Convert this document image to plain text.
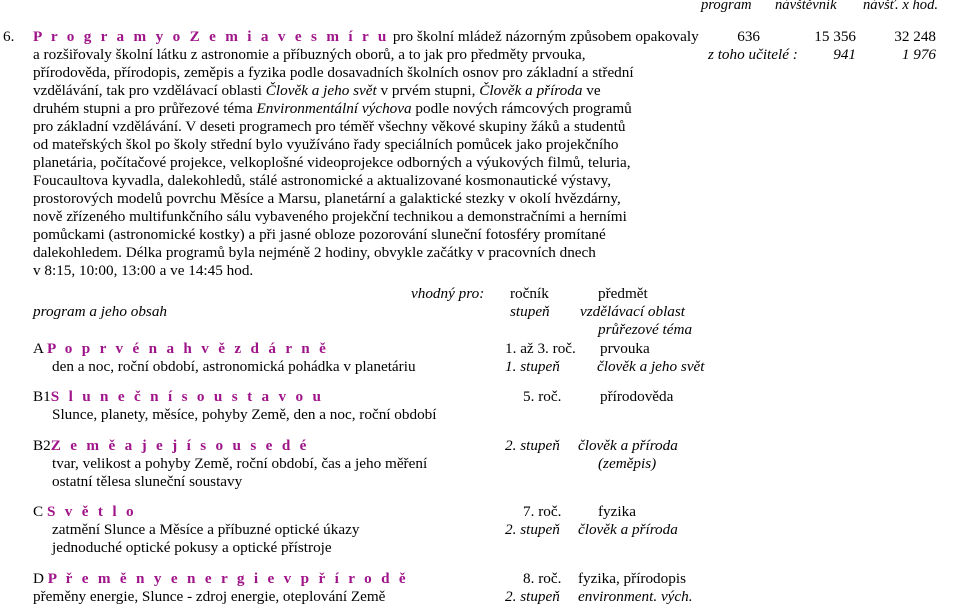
program návštěvník návšť. x hod.
6. P r o g r a m y o Z e m i a v e s m í r u pro školní mládež názorným způsobem opakovaly	636	15 356	32 248
a rozšiřovaly školní látku z astronomie a příbuzných oborů, a to jak pro předměty prvouka,	z toho učitelé :	941	1 976
přírodověda, přírodopis, zeměpis a fyzika podle dosavadních školních osnov pro základní a střední
vzdělávání, tak pro vzdělávací oblasti Člověk a jeho svět v prvém stupni, Člověk a příroda ve
druhém stupni a pro průřezové téma Environmentální výchova podle nových rámcových programů
pro základní vzdělávání. V deseti programech pro téměř všechny věkové skupiny žáků a studentů
od mateřských škol po školy střední bylo využíváno řady speciálních pomůcek jako projekčního
planetária, počítačové projekce, velkoplošné videoprojekce odborných a výukových filmů, teluria,
Foucaultova kyvadla, dalekohledů, stálé astronomické a aktualizované kosmonautické výstavy,
prostorových modelů povrchu Měsíce a Marsu, planetární a galaktické stezky v okolí hvězdárny,
nově zřízeného multifunkčního sálu vybaveného projekční technikou a demonstračními a herními
pomůckami (astronomické kostky) a při jasné obloze pozorování sluneční fotosféry promítané
dalekohledem. Délka programů byla nejméně 2 hodiny, obvykle začátky v pracovních dnech
v 8:15, 10:00, 13:00 a ve 14:45 hod.
vhodný pro: ročník	předmět
program a jeho obsah	stupeň vzdělávací oblast
průřezové téma
A P o p r v é n a h v ě z d á r n ě	1. až 3. roč. prvouka
den a noc, roční období, astronomická pohádka v planetáriu	1. stupeň člověk a jeho svět
B1S l u n e č n í s o u s t a v o u	5. roč.	přírodověda
Slunce, planety, měsíce, pohyby Země, den a noc, roční období
B2Z e m ě a j e j í s o u s e d é	2. stupeň člověk a příroda
tvar, velikost a pohyby Země, roční období, čas a jeho měření	(zeměpis)
ostatní tělesa sluneční soustavy
C S v ě t l o	7. roč. fyzika
zatmění Slunce a Měsíce a příbuzné optické úkazy	2. stupeň člověk a příroda
jednoduché optické pokusy a optické přístroje
D P ř e m ě n y e n e r g i e v p ř í r o d ě	8. roč. fyzika, přírodopis
přeměny energie, Slunce - zdroj energie, oteplování Země	2. stupeň environment. vých.
